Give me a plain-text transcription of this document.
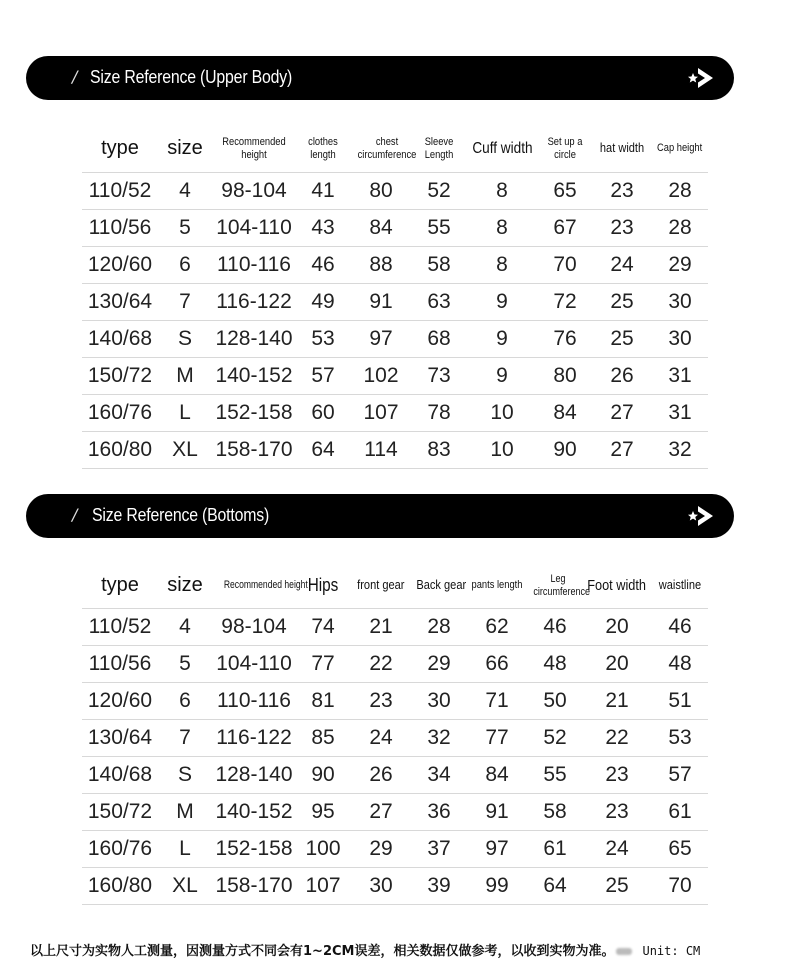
/ Size Reference (Upper Body)
type	size	Recommended height	clothes length	chest circumference	Sleeve Length	Cuff width	Set up a circle	hat width	Cap height
110/52	4	98-104	41	80	52	8	65	23	28
110/56	5	104-110	43	84	55	8	67	23	28
120/60	6	110-116	46	88	58	8	70	24	29
130/64	7	116-122	49	91	63	9	72	25	30
140/68	S	128-140	53	97	68	9	76	25	30
150/72	M	140-152	57	102	73	9	80	26	31
160/76	L	152-158	60	107	78	10	84	27	31
160/80	XL	158-170	64	114	83	10	90	27	32
/ Size Reference (Bottoms)
type	size	Recommended height	Hips	front gear	Back gear	pants length	Leg circumference	Foot width	waistline
110/52	4	98-104	74	21	28	62	46	20	46
110/56	5	104-110	77	22	29	66	48	20	48
120/60	6	110-116	81	23	30	71	50	21	51
130/64	7	116-122	85	24	32	77	52	22	53
140/68	S	128-140	90	26	34	84	55	23	57
150/72	M	140-152	95	27	36	91	58	23	61
160/76	L	152-158	100	29	37	97	61	24	65
160/80	XL	158-170	107	30	39	99	64	25	70
以上尺寸为实物人工测量，因测量方式不同会有1~2CM误差，相关数据仅做参考，以收到实物为准。 Unit: CM
